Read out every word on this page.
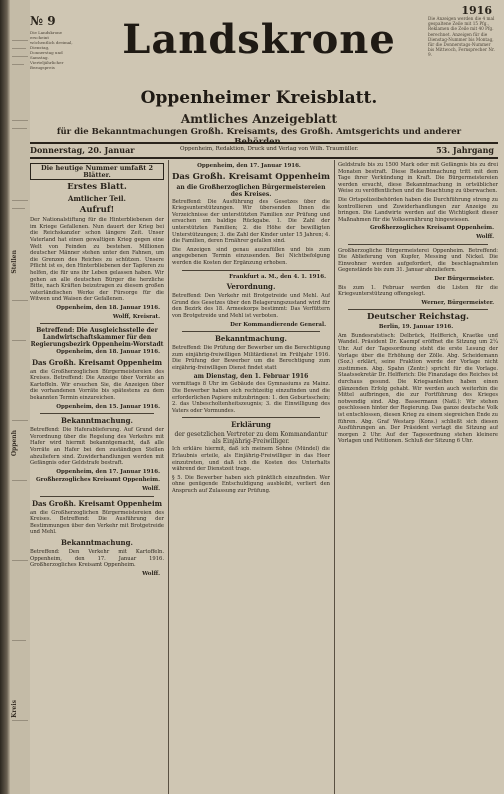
Stellen
Oppenh
Kreis
№ 9
1916
Die Landskrone erscheint wöchentlich dreimal, Dienstag, Donnerstag und Samstag. Vierteljährlicher Bezugspreis
Die Anzeigen werden die 4 mal gespaltene Zeile mit 15 Pfg., Reklamen die Zeile mit 40 Pfg. berechnet. Anzeigen für die Dienstag-Nummer bis Montag, für die Donnerstags-Nummer bis Mittwoch, Fernsprecher Nr. 9.
Landskrone
Oppenheimer Kreisblatt.
Amtliches Anzeigeblatt
für die Bekanntmachungen Großh. Kreisamts, des Großh. Amtsgerichts und anderer
Donnerstag, 20. Januar	Oppenheim, Redaktion, Druck und Verlag von Wilh. Traumüller.	53. Jahrgang
Die heutige Nummer umfaßt 2 Blätter.
Erstes Blatt.
Amtlicher Teil.
Aufruf!
Der Nationalstiftung für die Hinterbliebenen der im Kriege Gefallenen. Nun dauert der Krieg bei die Reichskanzler schon längere Zeit. Unser Vaterland hat einen gewaltigen Krieg gegen eine Welt von Feinden zu bestehen. Millionen deutscher Männer stehen unter den Fahnen, um die Grenzen des Reiches zu schützen. Unsere Pflicht ist es, den Hinterbliebenen der Tapferen zu helfen, die für uns ihr Leben gelassen haben. Wir gehen an alle deutschen Bürger die herzliche Bitte, nach Kräften beizutragen zu diesem großen vaterländischen Werke der Fürsorge für die Witwen und Waisen der Gefallenen.
Oppenheim, den 18. Januar 1916.
Wolff, Kreisrat.
Betreffend: Die Ausgleichsstelle der Landwirtschaftskammer für den Regierungsbezirk Oppenheim-Worstadt
Oppenheim, den 18. Januar 1916.
Das Großh. Kreisamt Oppenheim
an die Großherzoglichen Bürgermeistereien des Kreises. Betreffend: Die Anzeige über Vorräte an Kartoffeln. Wir ersuchen Sie, die Anzeigen über die vorhandenen Vorräte bis spätestens zu dem bekannten Termin einzureichen.
Oppenheim, den 15. Januar 1916.
Bekanntmachung.
Betreffend: Die Haferablieferung. Auf Grund der Verordnung über die Regelung des Verkehrs mit Hafer wird hiermit bekanntgemacht, daß alle Vorräte an Hafer bei den zuständigen Stellen abzuliefern sind. Zuwiderhandlungen werden mit Gefängnis oder Geldstrafe bestraft.
Oppenheim, den 17. Januar 1916.
Großherzogliches Kreisamt Oppenheim.
Wolff.
Das Großh. Kreisamt Oppenheim
an die Großherzoglichen Bürgermeistereien des Kreises. Betreffend: Die Ausführung der Bestimmungen über den Verkehr mit Brotgetreide und Mehl.
Bekanntmachung.
Betreffend: Den Verkehr mit Kartoffeln. Oppenheim, den 17. Januar 1916. Großherzogliches Kreisamt Oppenheim.
Wolff.
Oppenheim, den 17. Januar 1916.
Das Großh. Kreisamt Oppenheim
an die Großherzoglichen Bürgermeistereien des Kreises.
Betreffend: Die Ausführung des Gesetzes über die Kriegsunterstützungen. Wir übersenden Ihnen die Verzeichnisse der unterstützten Familien zur Prüfung und ersuchen um baldige Rückgabe. 1. Die Zahl der unterstützten Familien; 2. die Höhe der bewilligten Unterstützungen; 3. die Zahl der Kinder unter 15 Jahren; 4. die Familien, deren Ernährer gefallen sind.
Die Anzeigen sind genau auszufüllen und bis zum angegebenen Termin einzusenden. Bei Nichtbefolgung werden die Kosten der Ergänzung erhoben.
Frankfurt a. M., den 4. 1. 1916.
Verordnung.
Betreffend: Den Verkehr mit Brotgetreide und Mehl. Auf Grund des Gesetzes über den Belagerungszustand wird für den Bezirk des 18. Armeekorps bestimmt: Das Verfüttern von Brotgetreide und Mehl ist verboten.
Der Kommandierende General.
Bekanntmachung.
Betreffend: Die Prüfung der Bewerber um die Berechtigung zum einjährig-freiwilligen Militärdienst im Frühjahr 1916. Die Prüfung der Bewerber um die Berechtigung zum einjährig-freiwilligen Dienst findet statt
am Dienstag, den 1. Februar 1916
vormittags 8 Uhr im Gebäude des Gymnasiums zu Mainz. Die Bewerber haben sich rechtzeitig einzufinden und die erforderlichen Papiere mitzubringen: 1. den Geburtsschein; 2. das Unbescholtenheitszeugnis; 3. die Einwilligung des Vaters oder Vormundes.
Erklärung
der gesetzlichen Vertreter zu dem Kommandantur als Einjährig-Freiwilliger.
Ich erkläre hiermit, daß ich meinem Sohne (Mündel) die Erlaubnis erteile, als Einjährig-Freiwilliger in das Heer einzutreten, und daß ich die Kosten des Unterhalts während der Dienstzeit trage.
§ 5. Die Bewerber haben sich pünktlich einzufinden. Wer ohne genügende Entschuldigung ausbleibt, verliert den Anspruch auf Zulassung zur Prüfung.
Geldstrafe bis zu 1500 Mark oder mit Gefängnis bis zu drei Monaten bestraft. Diese Bekanntmachung tritt mit dem Tage ihrer Verkündung in Kraft. Die Bürgermeistereien werden ersucht, diese Bekanntmachung in ortsüblicher Weise zu veröffentlichen und die Beachtung zu überwachen.
Die Ortspolizeibehörden haben die Durchführung streng zu kontrollieren und Zuwiderhandlungen zur Anzeige zu bringen. Die Landwirte werden auf die Wichtigkeit dieser Maßnahmen für die Volksernährung hingewiesen.
Großherzogliches Kreisamt Oppenheim.
Wolff.
Großherzogliche Bürgermeisterei Oppenheim. Betreffend: Die Ablieferung von Kupfer, Messing und Nickel. Die Einwohner werden aufgefordert, die beschlagnahmten Gegenstände bis zum 31. Januar abzuliefern.
Der Bürgermeister.
Bis zum 1. Februar werden die Listen für die Kriegsunterstützung offengelegt.
Werner, Bürgermeister.
Deutscher Reichstag.
Berlin, 19. Januar 1916.
Am Bundesratstisch: Delbrück, Helfferich, Kraetke und Wandel. Präsident Dr. Kaempf eröffnet die Sitzung um 2¼ Uhr. Auf der Tagesordnung steht die erste Lesung der Vorlage über die Erhöhung der Zölle. Abg. Scheidemann (Soz.) erklärt, seine Fraktion werde der Vorlage nicht zustimmen. Abg. Spahn (Zentr.) spricht für die Vorlage. Staatssekretär Dr. Helfferich: Die Finanzlage des Reiches ist durchaus gesund. Die Kriegsanleihen haben einen glänzenden Erfolg gehabt. Wir werden auch weiterhin die Mittel aufbringen, die zur Fortführung des Krieges notwendig sind. Abg. Bassermann (Natl.): Wir stehen geschlossen hinter der Regierung. Das ganze deutsche Volk ist entschlossen, diesen Krieg zu einem siegreichen Ende zu führen. Abg. Graf Westarp (Kons.) schließt sich diesen Ausführungen an. Der Präsident vertagt die Sitzung auf morgen 2 Uhr. Auf der Tagesordnung stehen kleinere Vorlagen und Petitionen. Schluß der Sitzung 6 Uhr.
